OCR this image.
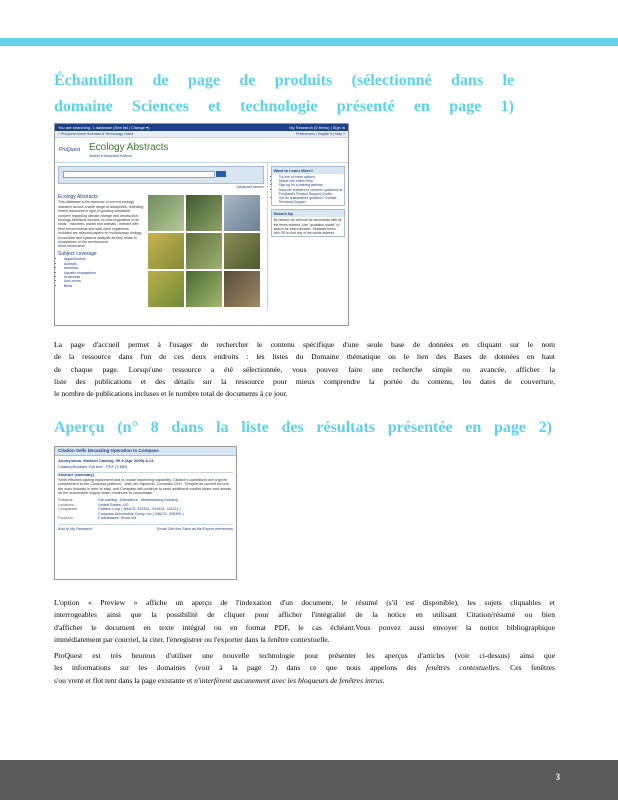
Échantillon de page de produits (sélectionné dans le
domaine Sciences et technologie présenté en page 1)
You are searching: 1 database (See list | Change ▾)	My Research (0 items) | Sign in
« ProQuest Home Sciences & Technology Home	Preferences | English ▾ | Help ?
ProQuest Ecology Abstracts
Search ▾ Advanced ▾ About
Advanced search
Ecology Abstracts
This database is the essence of current ecology research across a wide range of disciplines, reflecting recent advances in light of growing worldwide concern regarding climate change and destruction. Ecology Abstracts focuses on how organisms of all kinds - microbes, plants and animals - interact with their environments and with other organisms. Included are relevant papers on evolutionary biology, economics and systems analysis as they relate to ecosystems or the environment.
More information
Subject coverage
• Algae/lichens
• Animals
• Annelida
• Aquatic ecosystems
• Arachnida
• Arid zones
• Birds
Want to Learn More?
• Try one of these options:
• Search the online Help.
• Sign up for a training webinar.
• Discover answers to common questions at ProQuest's Product Support Center.
• Got an unanswered question? Contact Technical Support.
Search tip

By default, we will look for documents with all the terms entered. Use "quotation marks" to search for exact phrases. Separate terms with OR to find any of the words entered.

La page d'accueil permet à l'usager de rechercher le contenu spécifique d'une seule base de données en cliquant sur le nom
de la ressource dans l'un de ces deux endroits : les listes du Domaine thématique ou le lien des Bases de données en haut
de chaque page. Lorsqu'une ressource a été sélectionnée, vous pouvez faire une recherche simple ou avancée, afficher la
liste des publications et des détails sur la ressource pour mieux comprendre la portée du contenu, les dates de couverture,
le nombre de publications incluses et le nombre total de documents à ce jour.
Aperçu (n° 8 dans la liste des résultats présentée en page 2)
Citation Sells Decasting Operation to Compass
Anonymous. Modern Casting. 99.9 (Apr 2009):8,14.
Citation/Abstract Full text - PDF (3 MB)
Abstract (summary)
"With efficient casting equipment and in-house machining capability, Citation's operations are a great complement to the Compass platform," said Jim Squarcio, Compass CEO. "Despite its current turmoil, the auto industry is here to stay, and Compass will continue to seek additional market share and assets as the automotive supply-chain continues to consolidate."
Subjects	Die casting ; Divestiture ; Metalworking industry
Locations	United States--US
Companies	Citation Corp ( NAICS: 331511, 331524, 331111 )
Compass Automotive Group Inc ( NAICS: 336399 )
Found in	2 databases: Show list
Add to My Research	Email Cite this Save as file Export references
L'option « Preview » affiche un aperçu de l'indexation d'un document, le résumé (s'il est disponible), les sujets cliquables et
interrogeables ainsi que la possibilité de cliquer pour afficher l'intégralité de la notice en utilisant Citation/résumé ou bien
d'afficher le document en texte intégral ou en format PDF, le cas échéant.Vous pouvez aussi envoyer la notice bibliographique
immédiatement par courriel, la citer, l'enregistrer ou l'exporter dans la fenêtre contextuelle.
ProQuest est très heureux d'utiliser une nouvelle technologie pour présenter les aperçus d'articles (voir ci-dessus) ainsi que
les informations sur les domaines (voir à la page 2) dans ce que nous appelons des fenêtres contextuelles. Ces fenêtres
s'ou vrent et flot tent dans la page existante et n'interfèrent aucunement avec les bloqueurs de fenêtres intrus.
3
